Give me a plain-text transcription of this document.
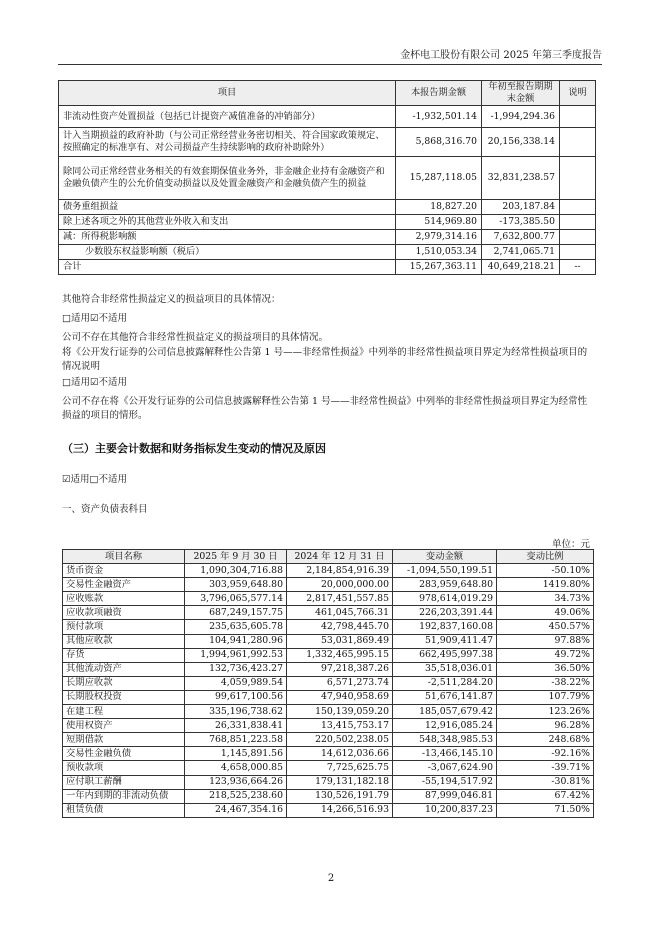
金杯电工股份有限公司 2025 年第三季度报告
项目	本报告期金额	年初至报告期期末金额	说明
非流动性资产处置损益（包括已计提资产减值准备的冲销部分）	-1,932,501.14	-1,994,294.36	
计入当期损益的政府补助（与公司正常经营业务密切相关、符合国家政策规定、按照确定的标准享有、对公司损益产生持续影响的政府补助除外）	5,868,316.70	20,156,338.14	
除同公司正常经营业务相关的有效套期保值业务外，非金融企业持有金融资产和金融负债产生的公允价值变动损益以及处置金融资产和金融负债产生的损益	15,287,118.05	32,831,238.57	
债务重组损益	18,827.20	203,187.84	
除上述各项之外的其他营业外收入和支出	514,969.80	-173,385.50	
减：所得税影响额	2,979,314.16	7,632,800.77	
少数股东权益影响额（税后）	1,510,053.34	2,741,065.71	
合计	15,267,363.11	40,649,218.21	--
其他符合非经常性损益定义的损益项目的具体情况：
□适用☑不适用
公司不存在其他符合非经常性损益定义的损益项目的具体情况。
将《公开发行证券的公司信息披露解释性公告第 1 号——非经常性损益》中列举的非经常性损益项目界定为经常性损益项目的情况说明
□适用☑不适用
公司不存在将《公开发行证券的公司信息披露解释性公告第 1 号——非经常性损益》中列举的非经常性损益项目界定为经常性损益的项目的情形。
（三）主要会计数据和财务指标发生变动的情况及原因
☑适用□不适用
一、资产负债表科目
单位：元
项目名称	2025 年 9 月 30 日	2024 年 12 月 31 日	变动金额	变动比例
货币资金	1,090,304,716.88	2,184,854,916.39	-1,094,550,199.51	-50.10%
交易性金融资产	303,959,648.80	20,000,000.00	283,959,648.80	1419.80%
应收账款	3,796,065,577.14	2,817,451,557.85	978,614,019.29	34.73%
应收款项融资	687,249,157.75	461,045,766.31	226,203,391.44	49.06%
预付款项	235,635,605.78	42,798,445.70	192,837,160.08	450.57%
其他应收款	104,941,280.96	53,031,869.49	51,909,411.47	97.88%
存货	1,994,961,992.53	1,332,465,995.15	662,495,997.38	49.72%
其他流动资产	132,736,423.27	97,218,387.26	35,518,036.01	36.50%
长期应收款	4,059,989.54	6,571,273.74	-2,511,284.20	-38.22%
长期股权投资	99,617,100.56	47,940,958.69	51,676,141.87	107.79%
在建工程	335,196,738.62	150,139,059.20	185,057,679.42	123.26%
使用权资产	26,331,838.41	13,415,753.17	12,916,085.24	96.28%
短期借款	768,851,223.58	220,502,238.05	548,348,985.53	248.68%
交易性金融负债	1,145,891.56	14,612,036.66	-13,466,145.10	-92.16%
预收款项	4,658,000.85	7,725,625.75	-3,067,624.90	-39.71%
应付职工薪酬	123,936,664.26	179,131,182.18	-55,194,517.92	-30.81%
一年内到期的非流动负债	218,525,238.60	130,526,191.79	87,999,046.81	67.42%
租赁负债	24,467,354.16	14,266,516.93	10,200,837.23	71.50%
2
